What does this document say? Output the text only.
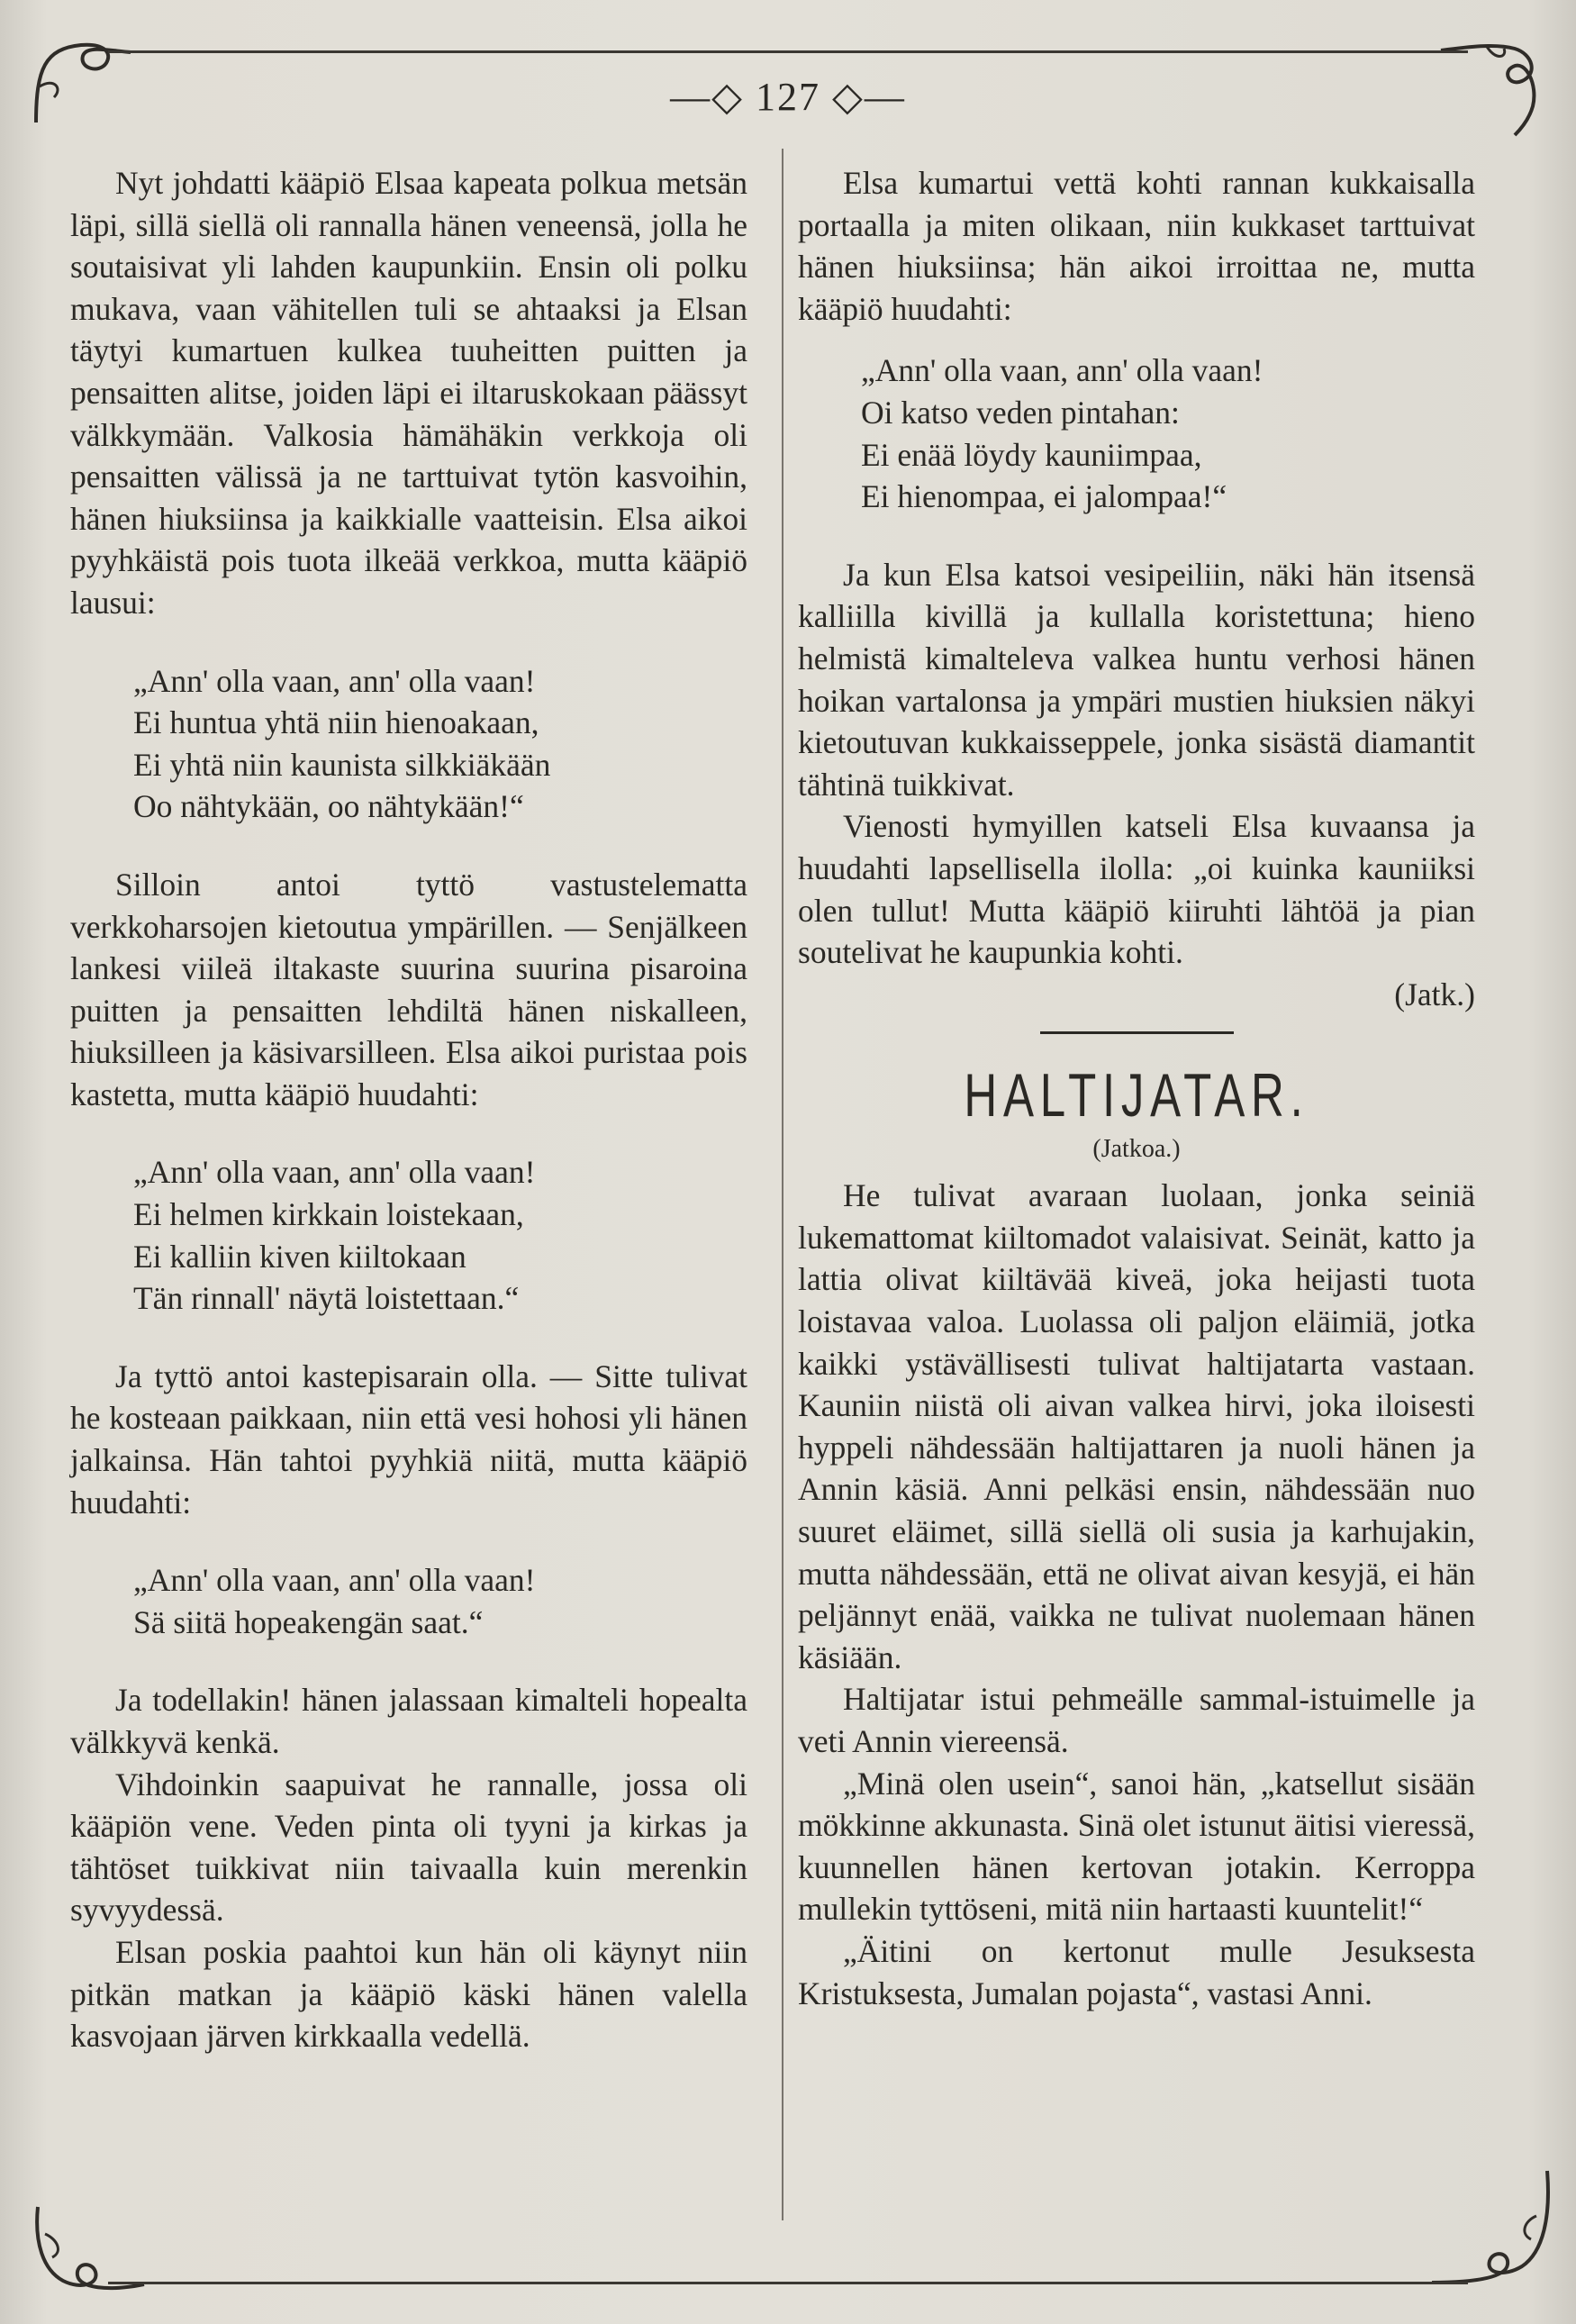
—◇ 127 ◇—

Nyt johdatti kääpiö Elsaa kapeata polkua metsän läpi, sillä siellä oli rannalla hänen veneensä, jolla he soutaisivat yli lahden kaupunkiin. Ensin oli polku mukava, vaan vähitellen tuli se ahtaaksi ja Elsan täytyi kumartuen kulkea tuuheitten puitten ja pensaitten alitse, joiden läpi ei iltaruskokaan päässyt välkkymään. Valkosia hämähäkin verkkoja oli pensaitten välissä ja ne tarttuivat tytön kasvoihin, hänen hiuksiinsa ja kaikkialle vaatteisin. Elsa aikoi pyyhkäistä pois tuota ilkeää verkkoa, mutta kääpiö lausui:

„Ann' olla vaan, ann' olla vaan!
Ei huntua yhtä niin hienoakaan,
Ei yhtä niin kaunista silkkiäkään
Oo nähtykään, oo nähtykään!“

Silloin antoi tyttö vastustelematta verkkoharsojen kietoutua ympärillen. — Senjälkeen lankesi viileä iltakaste suurina suurina pisaroina puitten ja pensaitten lehdiltä hänen niskalleen, hiuksilleen ja käsivarsilleen. Elsa aikoi puristaa pois kastetta, mutta kääpiö huudahti:

„Ann' olla vaan, ann' olla vaan!
Ei helmen kirkkain loistekaan,
Ei kalliin kiven kiiltokaan
Tän rinnall' näytä loistettaan.“

Ja tyttö antoi kastepisarain olla. — Sitte tulivat he kosteaan paikkaan, niin että vesi hohosi yli hänen jalkainsa. Hän tahtoi pyyhkiä niitä, mutta kääpiö huudahti:

„Ann' olla vaan, ann' olla vaan!
Sä siitä hopeakengän saat.“

Ja todellakin! hänen jalassaan kimalteli hopealta välkkyvä kenkä.

Vihdoinkin saapuivat he rannalle, jossa oli kääpiön vene. Veden pinta oli tyyni ja kirkas ja tähtöset tuikkivat niin taivaalla kuin merenkin syvyydessä.

Elsan poskia paahtoi kun hän oli käynyt niin pitkän matkan ja kääpiö käski hänen valella kasvojaan järven kirkkaalla vedellä.

Elsa kumartui vettä kohti rannan kukkaisalla portaalla ja miten olikaan, niin kukkaset tarttuivat hänen hiuksiinsa; hän aikoi irroittaa ne, mutta kääpiö huudahti:

„Ann' olla vaan, ann' olla vaan!
Oi katso veden pintahan:
Ei enää löydy kauniimpaa,
Ei hienompaa, ei jalompaa!“

Ja kun Elsa katsoi vesipeiliin, näki hän itsensä kalliilla kivillä ja kullalla koristettuna; hieno helmistä kimalteleva valkea huntu verhosi hänen hoikan vartalonsa ja ympäri mustien hiuksien näkyi kietoutuvan kukkaisseppele, jonka sisästä diamantit tähtinä tuikkivat.

Vienosti hymyillen katseli Elsa kuvaansa ja huudahti lapsellisella ilolla: „oi kuinka kauniiksi olen tullut! Mutta kääpiö kiiruhti lähtöä ja pian soutelivat he kaupunkia kohti.

(Jatk.)
HALTIJATAR.
(Jatkoa.)

He tulivat avaraan luolaan, jonka seiniä lukemattomat kiiltomadot valaisivat. Seinät, katto ja lattia olivat kiiltävää kiveä, joka heijasti tuota loistavaa valoa. Luolassa oli paljon eläimiä, jotka kaikki ystävällisesti tulivat haltijatarta vastaan. Kauniin niistä oli aivan valkea hirvi, joka iloisesti hyppeli nähdessään haltijattaren ja nuoli hänen ja Annin käsiä. Anni pelkäsi ensin, nähdessään nuo suuret eläimet, sillä siellä oli susia ja karhujakin, mutta nähdessään, että ne olivat aivan kesyjä, ei hän peljännyt enää, vaikka ne tulivat nuolemaan hänen käsiään.

Haltijatar istui pehmeälle sammal-istuimelle ja veti Annin viereensä.

„Minä olen usein“, sanoi hän, „katsellut sisään mökkinne akkunasta. Sinä olet istunut äitisi vieressä, kuunnellen hänen kertovan jotakin. Kerroppa mullekin tyttöseni, mitä niin hartaasti kuuntelit!“

„Äitini on kertonut mulle Jesuksesta Kristuksesta, Jumalan pojasta“, vastasi Anni.
